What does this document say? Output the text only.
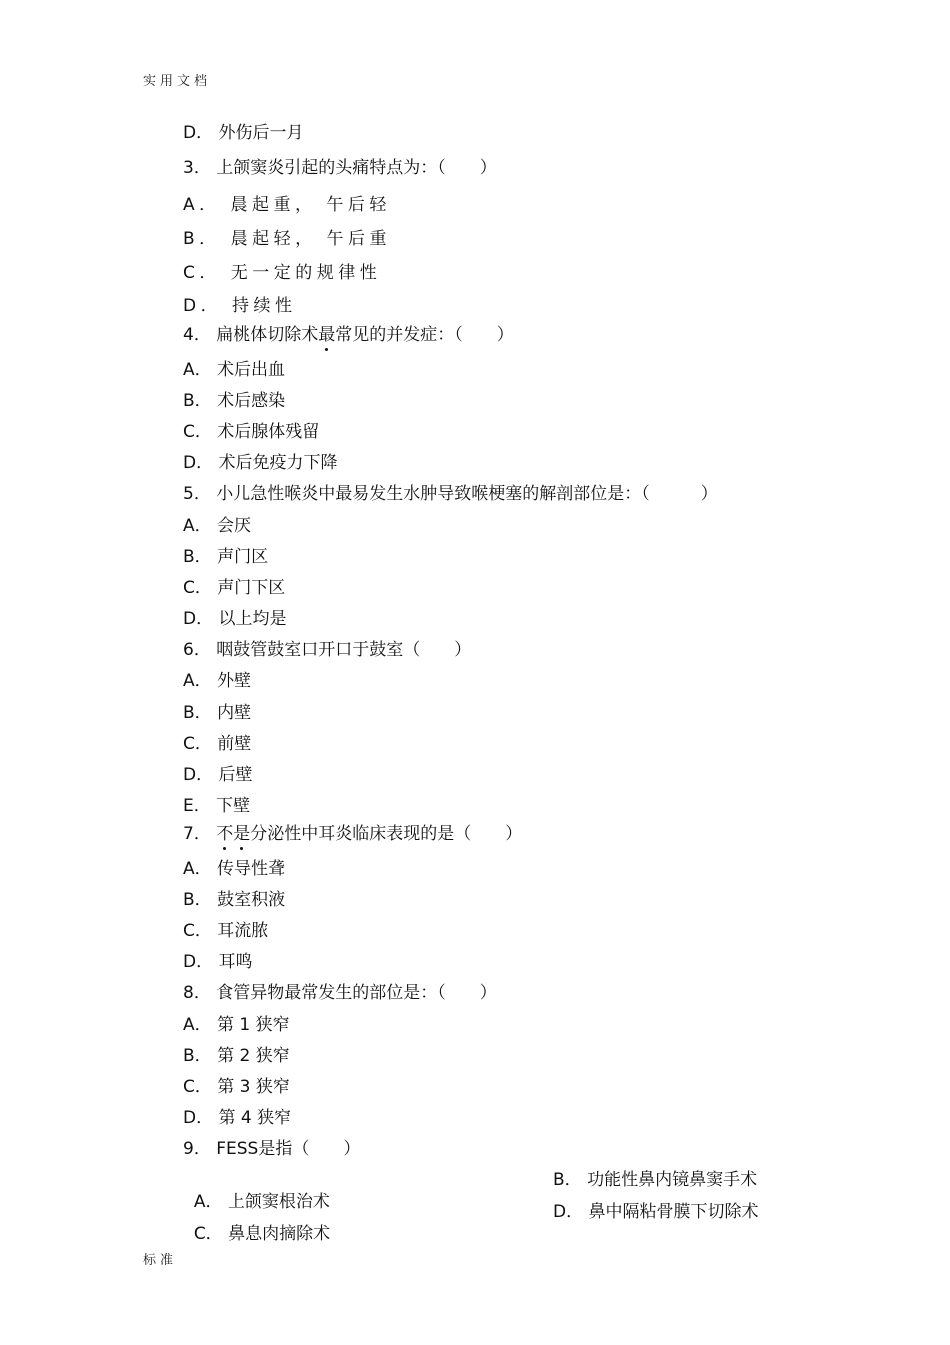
实用文档
D． 外伤后一月
3． 上颌窦炎引起的头痛特点为：（　　）
A． 晨起重， 午后轻
B． 晨起轻， 午后重
C． 无一定的规律性
D． 持续性
4． 扁桃体切除术最常见的并发症：（　　）
A． 术后出血
B． 术后感染
C． 术后腺体残留
D． 术后免疫力下降
5． 小儿急性喉炎中最易发生水肿导致喉梗塞的解剖部位是：（　　　）
A． 会厌
B． 声门区
C． 声门下区
D． 以上均是
6． 咽鼓管鼓室口开口于鼓室（　　）
A． 外壁
B． 内壁
C． 前壁
D． 后壁
E． 下壁
7． 不是分泌性中耳炎临床表现的是（　　）
A． 传导性聋
B． 鼓室积液
C． 耳流脓
D． 耳鸣
8． 食管异物最常发生的部位是：（　　）
A． 第 1 狭窄
B． 第 2 狭窄
C． 第 3 狭窄
D． 第 4 狭窄
9． FESS是指（　　）

A． 上颌窦根治术

B． 功能性鼻内镜鼻窦手术

C． 鼻息肉摘除术

D． 鼻中隔粘骨膜下切除术

标准
